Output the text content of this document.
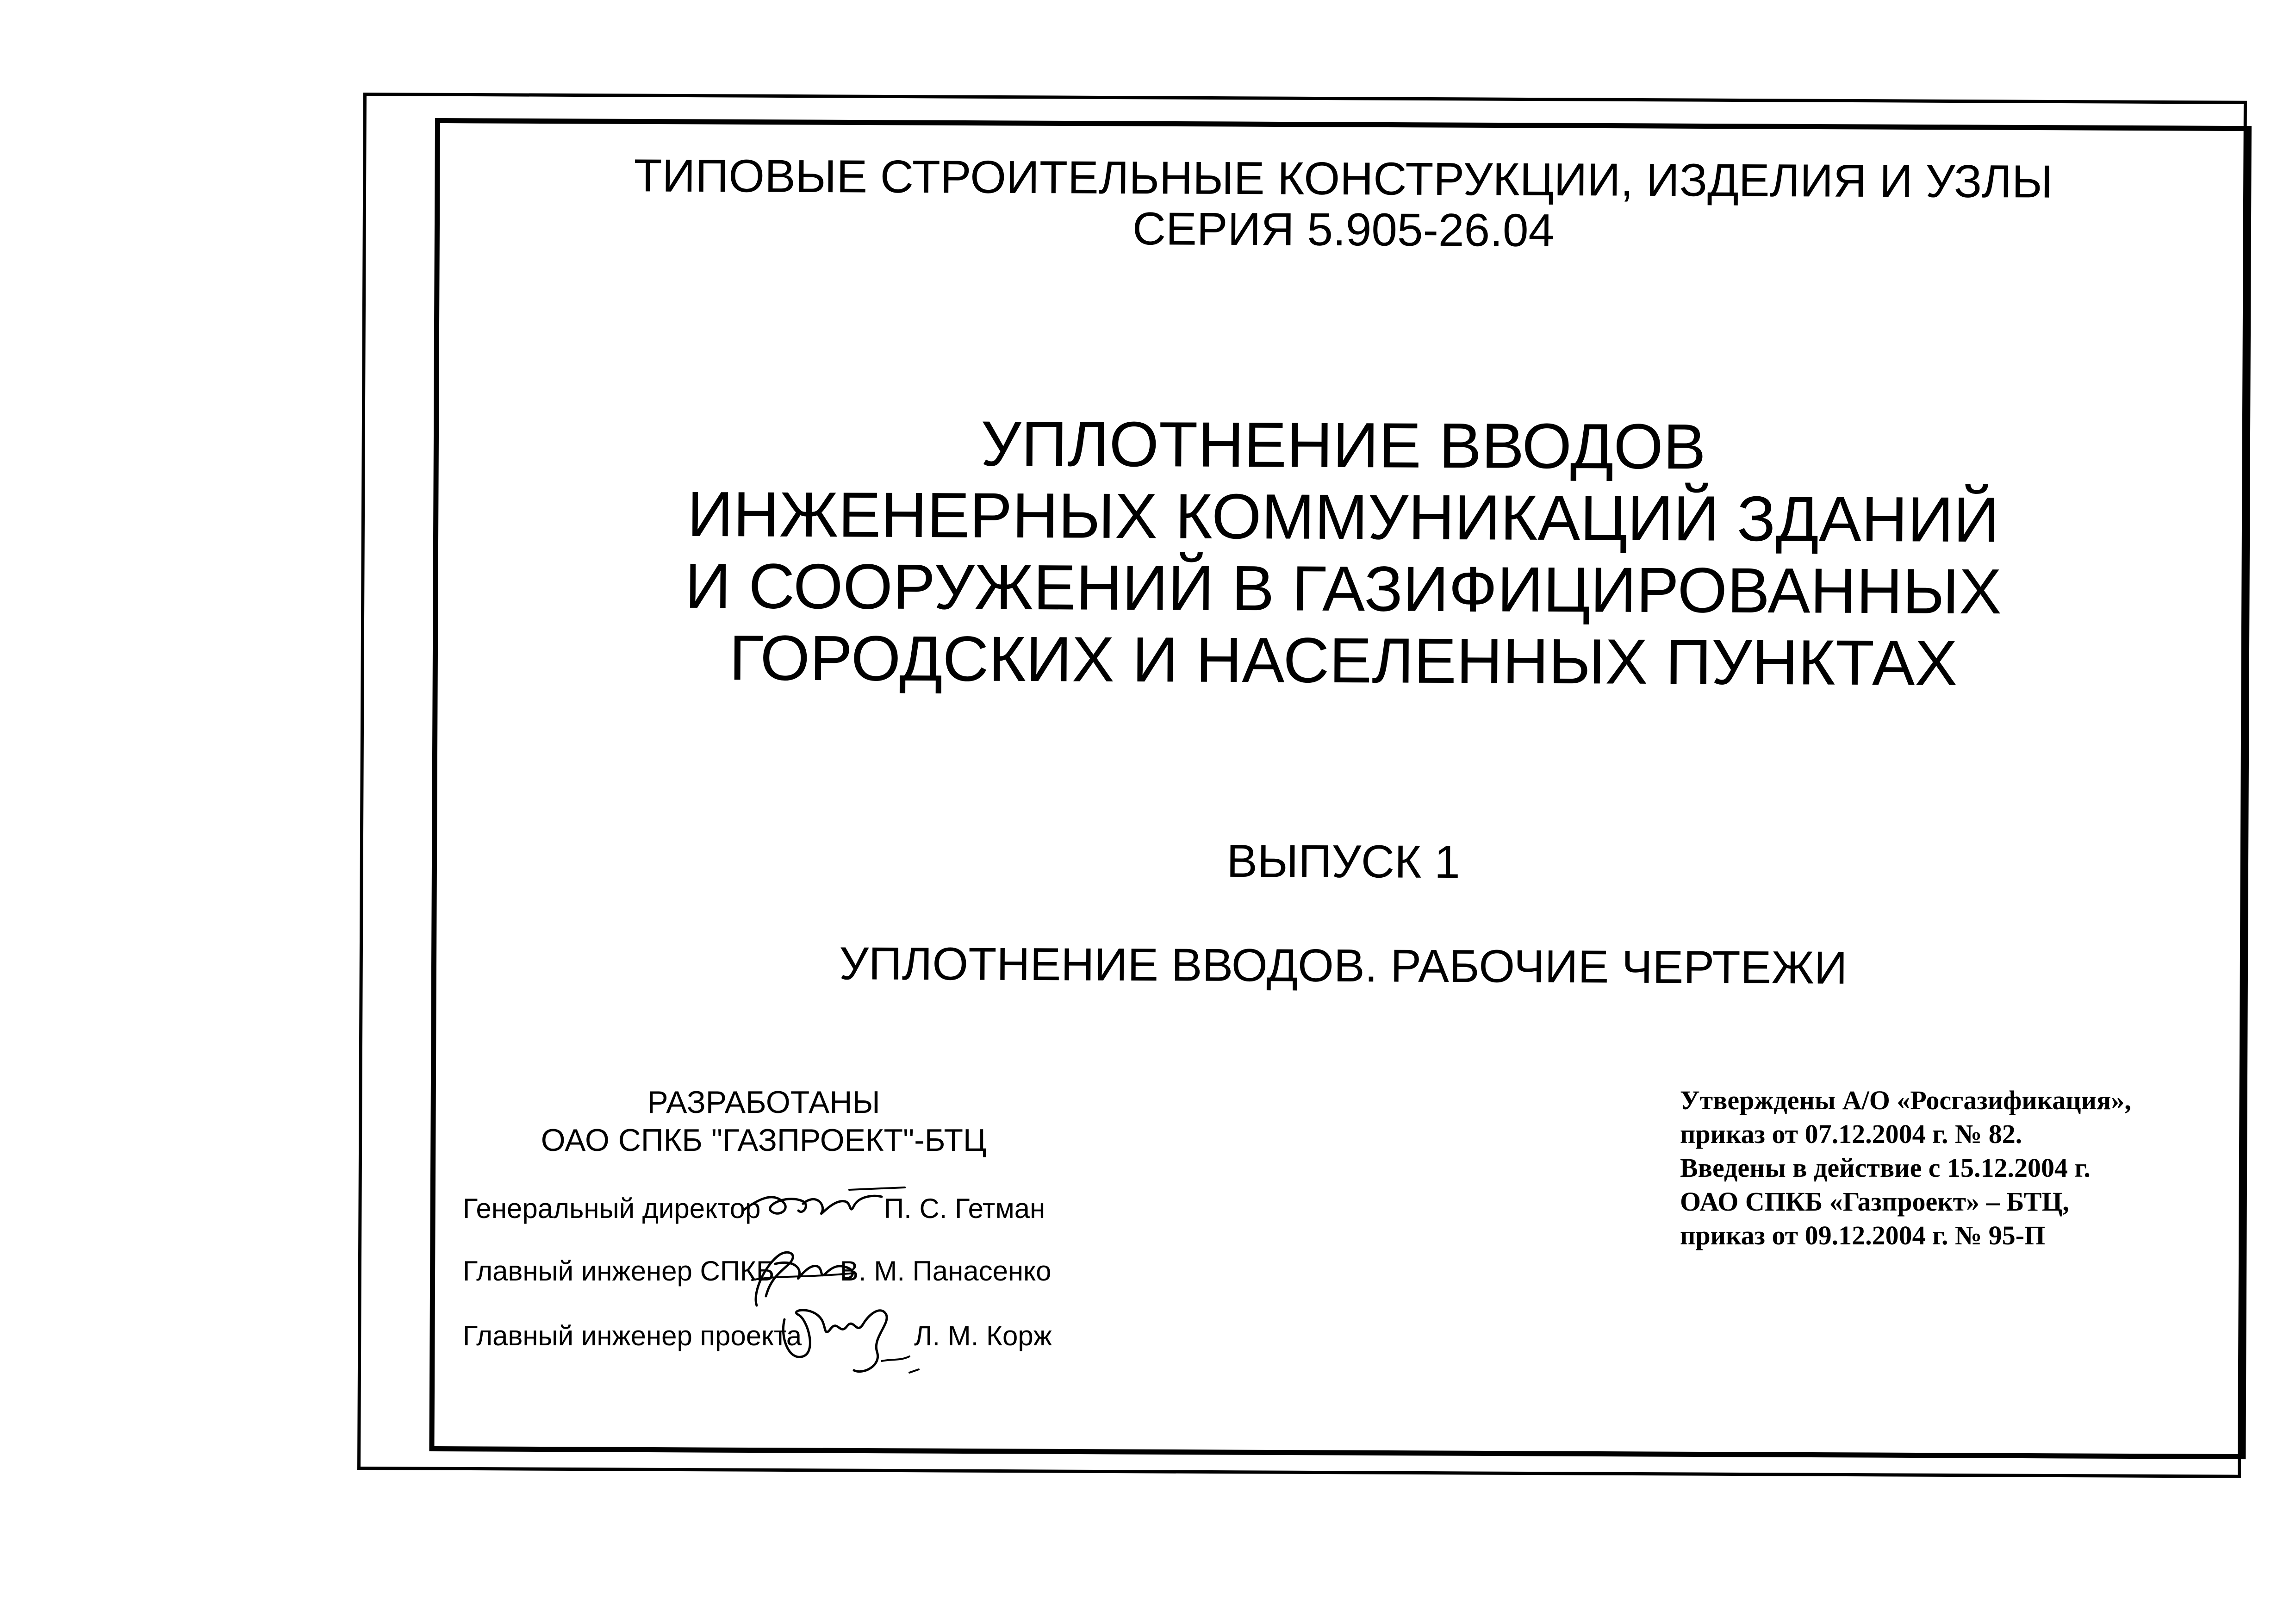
ТИПОВЫЕ СТРОИТЕЛЬНЫЕ КОНСТРУКЦИИ, ИЗДЕЛИЯ И УЗЛЫ
СЕРИЯ 5.905-26.04
УПЛОТНЕНИЕ ВВОДОВ
ИНЖЕНЕРНЫХ КОММУНИКАЦИЙ ЗДАНИЙ
И СООРУЖЕНИЙ В ГАЗИФИЦИРОВАННЫХ
ГОРОДСКИХ И НАСЕЛЕННЫХ ПУНКТАХ
ВЫПУСК 1
УПЛОТНЕНИЕ ВВОДОВ. РАБОЧИЕ ЧЕРТЕЖИ
РАЗРАБОТАНЫ
ОАО СПКБ "ГАЗПРОЕКТ"-БТЦ
Генеральный директор	П. С. Гетман
Главный инженер СПКБ В. М. Панасенко
Главный инженер проекта	Л. М. Корж
Утверждены А/О «Росгазификация»,
приказ от 07.12.2004 г. № 82.
Введены в действие с 15.12.2004 г.
ОАО СПКБ «Газпроект» – БТЦ,
приказ от 09.12.2004 г. № 95-П
